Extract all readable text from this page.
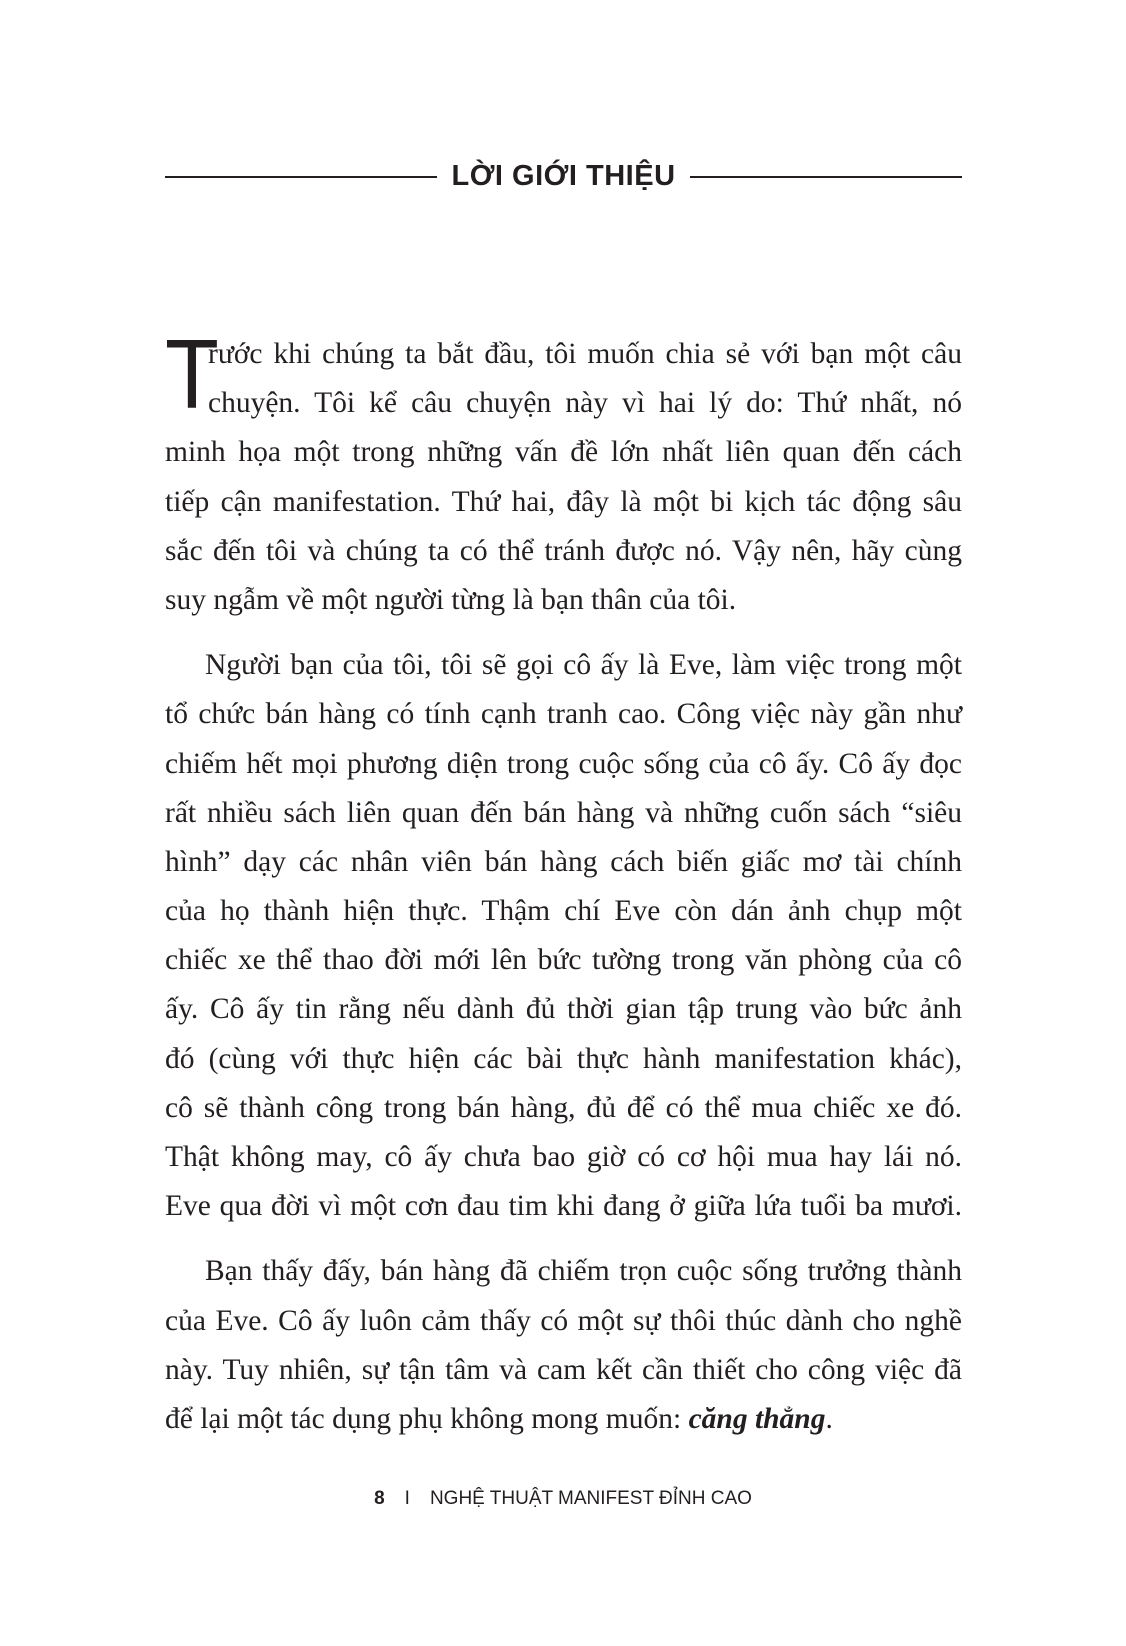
LỜI GIỚI THIỆU
T
rước khi chúng ta bắt đầu, tôi muốn chia sẻ với bạn một câu
chuyện. Tôi kể câu chuyện này vì hai lý do: Thứ nhất, nó
minh họa một trong những vấn đề lớn nhất liên quan đến cách
tiếp cận manifestation. Thứ hai, đây là một bi kịch tác động sâu
sắc đến tôi và chúng ta có thể tránh được nó. Vậy nên, hãy cùng
suy ngẫm về một người từng là bạn thân của tôi.
Người bạn của tôi, tôi sẽ gọi cô ấy là Eve, làm việc trong một
tổ chức bán hàng có tính cạnh tranh cao. Công việc này gần như
chiếm hết mọi phương diện trong cuộc sống của cô ấy. Cô ấy đọc
rất nhiều sách liên quan đến bán hàng và những cuốn sách “siêu
hình” dạy các nhân viên bán hàng cách biến giấc mơ tài chính
của họ thành hiện thực. Thậm chí Eve còn dán ảnh chụp một
chiếc xe thể thao đời mới lên bức tường trong văn phòng của cô
ấy. Cô ấy tin rằng nếu dành đủ thời gian tập trung vào bức ảnh
đó (cùng với thực hiện các bài thực hành manifestation khác),
cô sẽ thành công trong bán hàng, đủ để có thể mua chiếc xe đó.
Thật không may, cô ấy chưa bao giờ có cơ hội mua hay lái nó.
Eve qua đời vì một cơn đau tim khi đang ở giữa lứa tuổi ba mươi.
Bạn thấy đấy, bán hàng đã chiếm trọn cuộc sống trưởng thành
của Eve. Cô ấy luôn cảm thấy có một sự thôi thúc dành cho nghề
này. Tuy nhiên, sự tận tâm và cam kết cần thiết cho công việc đã
để lại một tác dụng phụ không mong muốn: căng thẳng.
8 I NGHỆ THUẬT MANIFEST ĐỈNH CAO
